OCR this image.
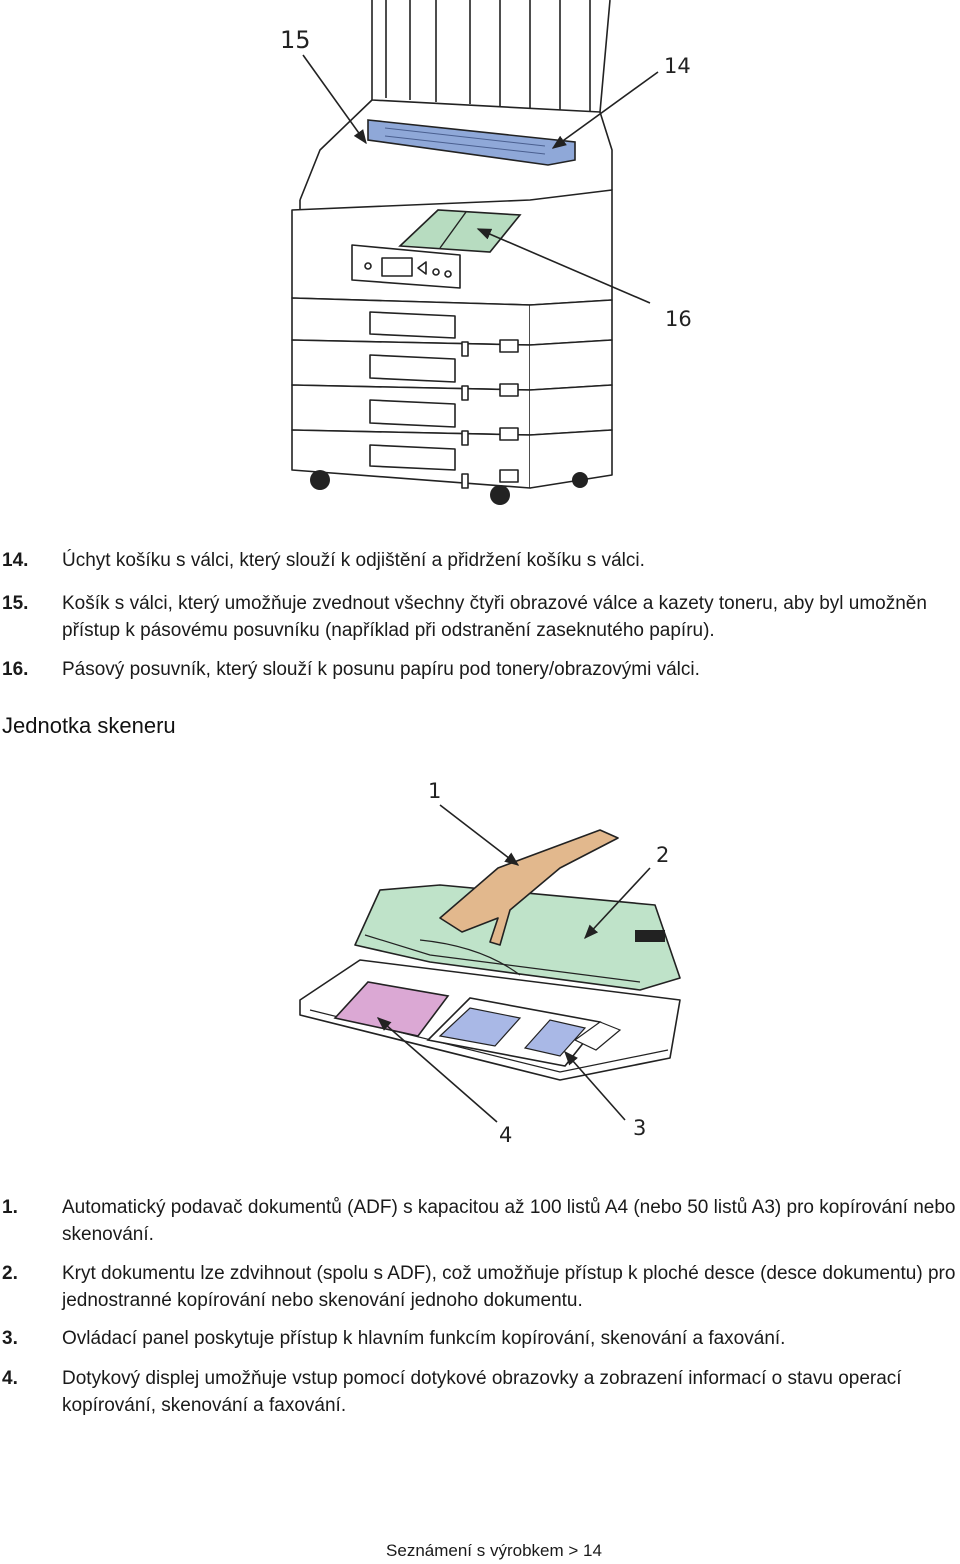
15
14
16
14. Úchyt košíku s válci, který slouží k odjištění a přidržení košíku s válci.
15. Košík s válci, který umožňuje zvednout všechny čtyři obrazové válce a kazety toneru, aby byl umožněn přístup k pásovému posuvníku (například při odstranění zaseknutého papíru).
16. Pásový posuvník, který slouží k posunu papíru pod tonery/obrazovými válci.
Jednotka skeneru
1
2
4	3
1. Automatický podavač dokumentů (ADF) s kapacitou až 100 listů A4 (nebo 50 listů A3) pro kopírování nebo skenování.
2. Kryt dokumentu lze zdvihnout (spolu s ADF), což umožňuje přístup k ploché desce (desce dokumentu) pro jednostranné kopírování nebo skenování jednoho dokumentu.
3. Ovládací panel poskytuje přístup k hlavním funkcím kopírování, skenování a faxování.
4. Dotykový displej umožňuje vstup pomocí dotykové obrazovky a zobrazení informací o stavu operací kopírování, skenování a faxování.
Seznámení s výrobkem > 14
